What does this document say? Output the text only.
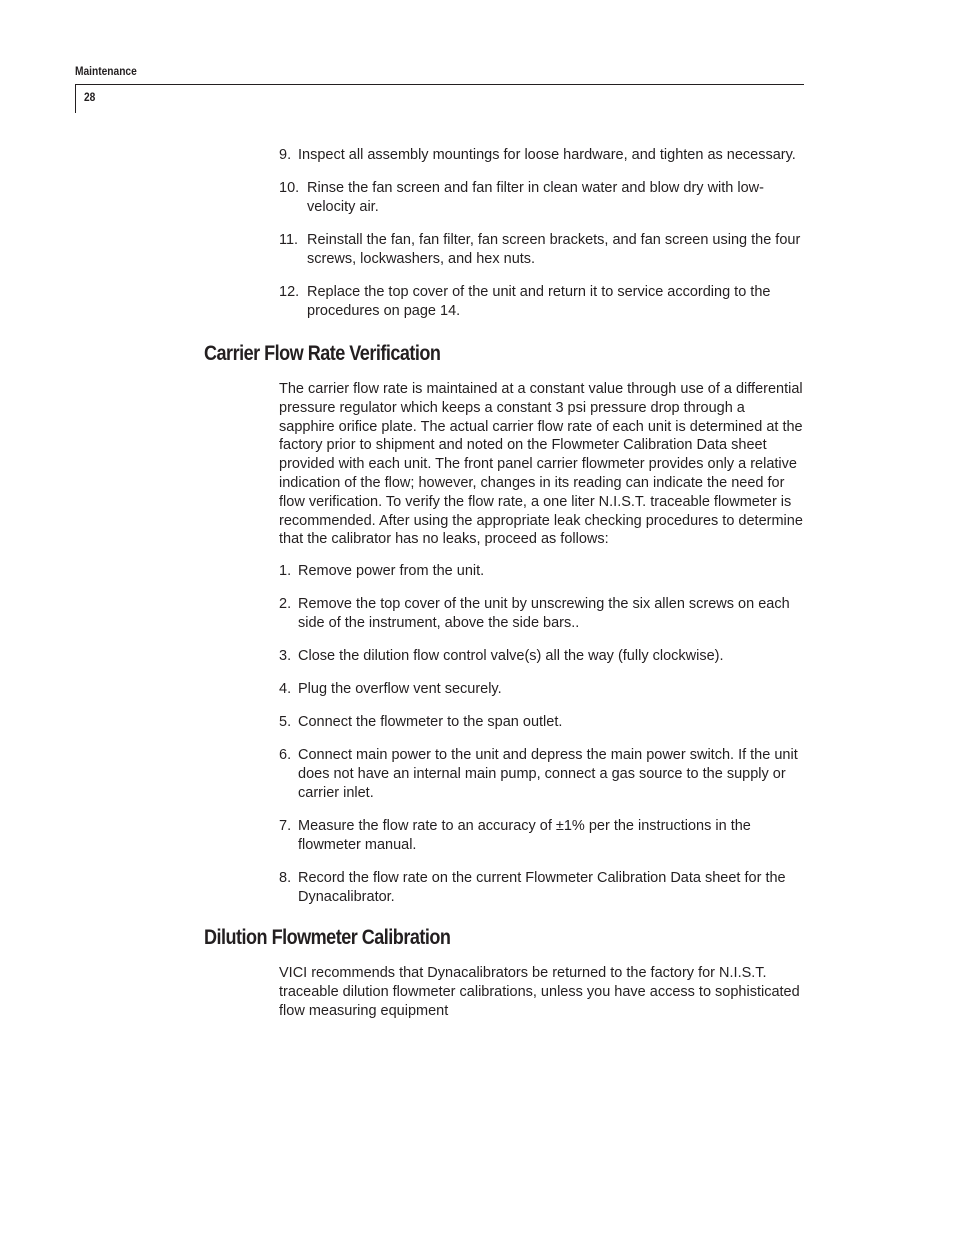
Maintenance
28
9. Inspect all assembly mountings for loose hardware, and tighten as necessary.
10. Rinse the fan screen and fan filter in clean water and blow dry with low-velocity air.
11. Reinstall the fan, fan filter, fan screen brackets, and fan screen using the four screws, lockwashers, and hex nuts.
12. Replace the top cover of the unit and return it to service according to the procedures on page 14.
Carrier Flow Rate Verification

The carrier flow rate is maintained at a constant value through use of a differential pressure regulator which keeps a constant 3 psi pressure drop through a sapphire orifice plate. The actual carrier flow rate of each unit is determined at the factory prior to shipment and noted on the Flowmeter Calibration Data sheet provided with each unit. The front panel carrier flowmeter provides only a relative indication of the flow; however, changes in its reading can indicate the need for flow verification. To verify the flow rate, a one liter N.I.S.T. traceable flowmeter is recommended. After using the appropriate leak checking procedures to determine that the calibrator has no leaks, proceed as follows:

1. Remove power from the unit.
2. Remove the top cover of the unit by unscrewing the six allen screws on each side of the instrument, above the side bars..
3. Close the dilution flow control valve(s) all the way (fully clockwise).
4. Plug the overflow vent securely.
5. Connect the flowmeter to the span outlet.
6. Connect main power to the unit and depress the main power switch. If the unit does not have an internal main pump, connect a gas source to the supply or carrier inlet.
7. Measure the flow rate to an accuracy of ±1% per the instructions in the flowmeter manual.
8. Record the flow rate on the current Flowmeter Calibration Data sheet for the Dynacalibrator.
Dilution Flowmeter Calibration

VICI recommends that Dynacalibrators be returned to the factory for N.I.S.T. traceable dilution flowmeter calibrations, unless you have access to sophisticated flow measuring equipment
